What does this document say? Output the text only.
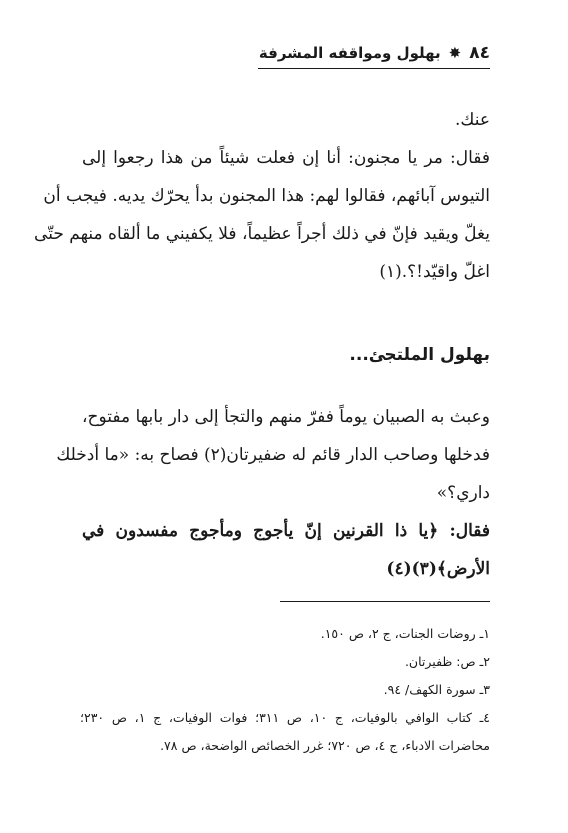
٨٤
✸
بهلول ومواقفه المشرفة
عنك.
فقال: مر يا مجنون: أنا إن فعلت شيئاً من هذا رجعوا إلى
التيوس آبائهم، فقالوا لهم: هذا المجنون بدأ يحرّك يديه. فيجب أن
يغلّ ويقيد فإنّ في ذلك أجراً عظيماً، فلا يكفيني ما ألقاه منهم حتّى
اغلّ واقيّد!؟.(١)
بهلول الملتجئ...
وعبث به الصبيان يوماً ففرّ منهم والتجأ إلى دار بابها مفتوح،
فدخلها وصاحب الدار قائم له ضفيرتان(٢) فصاح به: «ما أدخلك
داري؟»
فقال: ﴿يا ذا القرنين إنّ يأجوج ومأجوج مفسدون في
الأرض﴾(٣)(٤)
١ـ روضات الجنات، ج ٢، ص ١٥٠.
٢ـ ص: ظفيرتان.
٣ـ سورة الكهف/ ٩٤.
٤ـ كتاب الوافي بالوفيات، ج ١٠، ص ٣١١؛ فوات الوفيات، ج ١، ص ٢٣٠؛
محاضرات الادباء، ج ٤، ص ٧٢٠؛ غرر الخصائص الواضحة، ص ٧٨.
